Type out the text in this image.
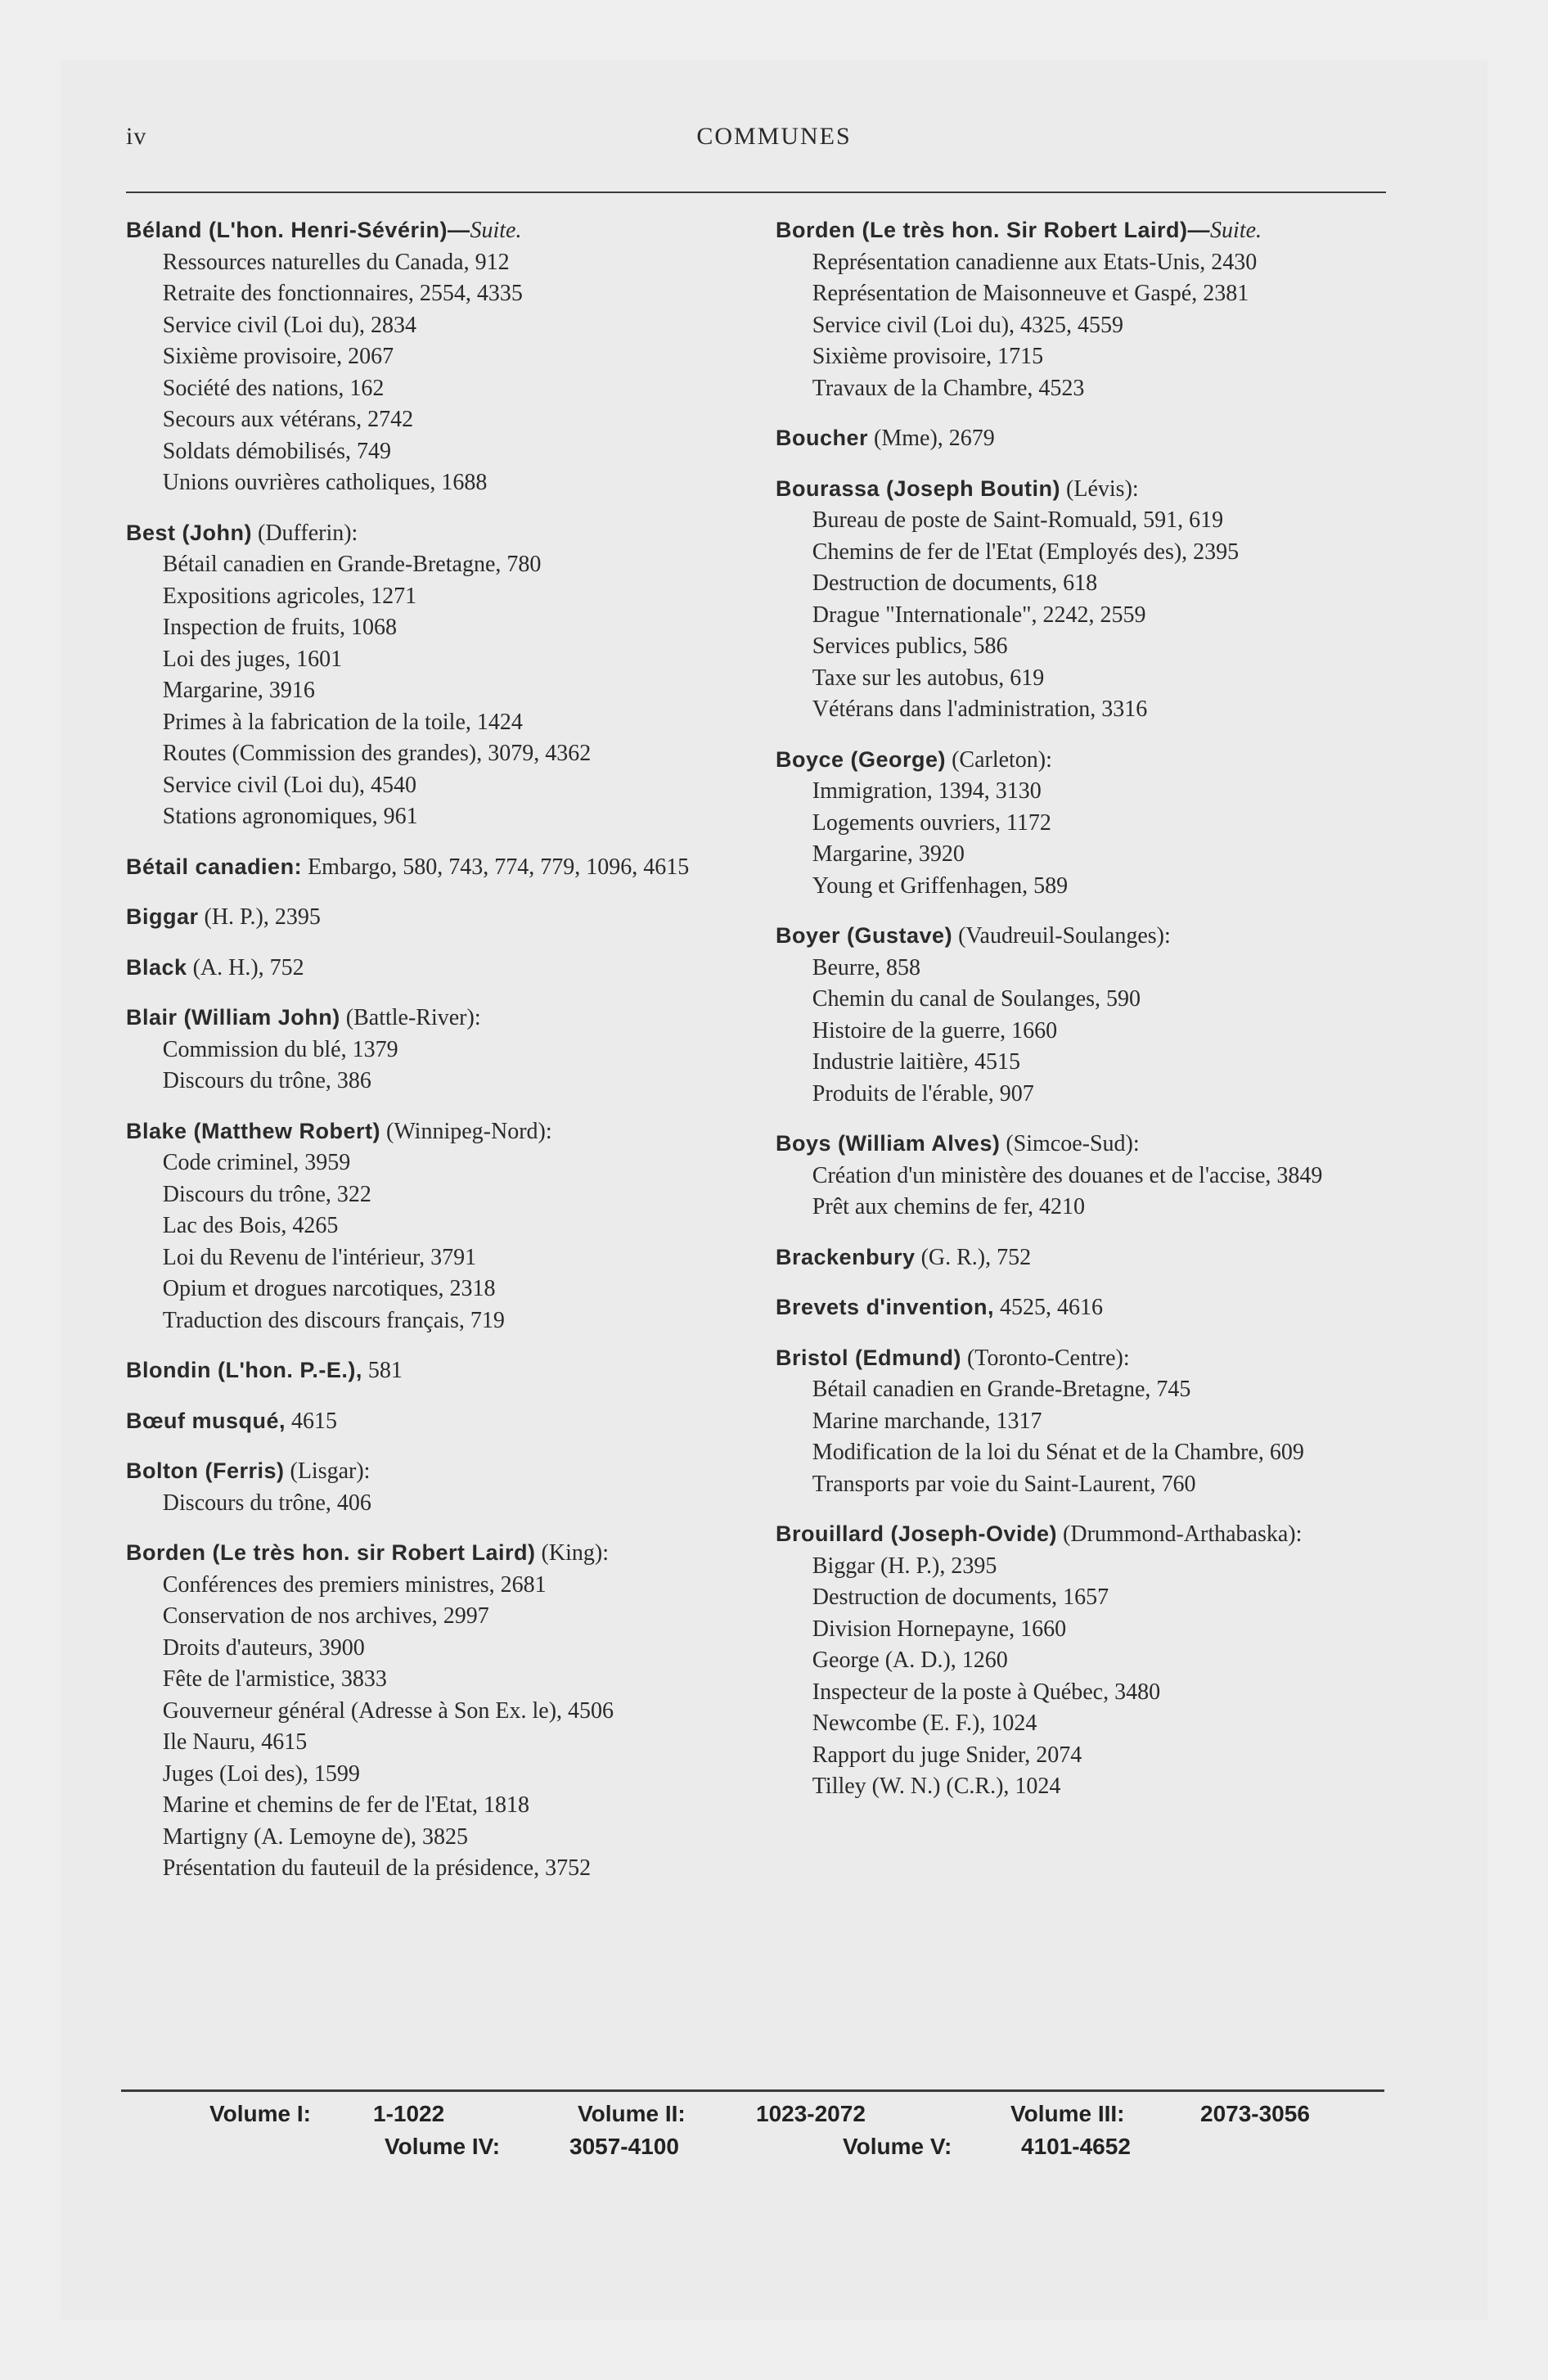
iv	COMMUNES
Béland (L'hon. Henri-Sévérin)—Suite.
Ressources naturelles du Canada, 912
Retraite des fonctionnaires, 2554, 4335
Service civil (Loi du), 2834
Sixième provisoire, 2067
Société des nations, 162
Secours aux vétérans, 2742
Soldats démobilisés, 749
Unions ouvrières catholiques, 1688
Best (John) (Dufferin):
Bétail canadien en Grande-Bretagne, 780
Expositions agricoles, 1271
Inspection de fruits, 1068
Loi des juges, 1601
Margarine, 3916
Primes à la fabrication de la toile, 1424
Routes (Commission des grandes), 3079, 4362
Service civil (Loi du), 4540
Stations agronomiques, 961
Bétail canadien: Embargo, 580, 743, 774, 779, 1096, 4615
Biggar (H. P.), 2395
Black (A. H.), 752
Blair (William John) (Battle-River):
Commission du blé, 1379
Discours du trône, 386
Blake (Matthew Robert) (Winnipeg-Nord):
Code criminel, 3959
Discours du trône, 322
Lac des Bois, 4265
Loi du Revenu de l'intérieur, 3791
Opium et drogues narcotiques, 2318
Traduction des discours français, 719
Blondin (L'hon. P.-E.), 581
Bœuf musqué, 4615
Bolton (Ferris) (Lisgar):
Discours du trône, 406
Borden (Le très hon. sir Robert Laird) (King):
Conférences des premiers ministres, 2681
Conservation de nos archives, 2997
Droits d'auteurs, 3900
Fête de l'armistice, 3833
Gouverneur général (Adresse à Son Ex. le), 4506
Ile Nauru, 4615
Juges (Loi des), 1599
Marine et chemins de fer de l'Etat, 1818
Martigny (A. Lemoyne de), 3825
Présentation du fauteuil de la présidence, 3752
Borden (Le très hon. Sir Robert Laird)—Suite.
Représentation canadienne aux Etats-Unis, 2430
Représentation de Maisonneuve et Gaspé, 2381
Service civil (Loi du), 4325, 4559
Sixième provisoire, 1715
Travaux de la Chambre, 4523
Boucher (Mme), 2679
Bourassa (Joseph Boutin) (Lévis):
Bureau de poste de Saint-Romuald, 591, 619
Chemins de fer de l'Etat (Employés des), 2395
Destruction de documents, 618
Drague "Internationale", 2242, 2559
Services publics, 586
Taxe sur les autobus, 619
Vétérans dans l'administration, 3316
Boyce (George) (Carleton):
Immigration, 1394, 3130
Logements ouvriers, 1172
Margarine, 3920
Young et Griffenhagen, 589
Boyer (Gustave) (Vaudreuil-Soulanges):
Beurre, 858
Chemin du canal de Soulanges, 590
Histoire de la guerre, 1660
Industrie laitière, 4515
Produits de l'érable, 907
Boys (William Alves) (Simcoe-Sud):
Création d'un ministère des douanes et de l'accise, 3849
Prêt aux chemins de fer, 4210
Brackenbury (G. R.), 752
Brevets d'invention, 4525, 4616
Bristol (Edmund) (Toronto-Centre):
Bétail canadien en Grande-Bretagne, 745
Marine marchande, 1317
Modification de la loi du Sénat et de la Chambre, 609
Transports par voie du Saint-Laurent, 760
Brouillard (Joseph-Ovide) (Drummond-Arthabaska):
Biggar (H. P.), 2395
Destruction de documents, 1657
Division Hornepayne, 1660
George (A. D.), 1260
Inspecteur de la poste à Québec, 3480
Newcombe (E. F.), 1024
Rapport du juge Snider, 2074
Tilley (W. N.) (C.R.), 1024
Volume I:	1-1022	Volume II:	1023-2072	Volume III:	2073-3056
Volume IV:	3057-4100	Volume V:	4101-4652
